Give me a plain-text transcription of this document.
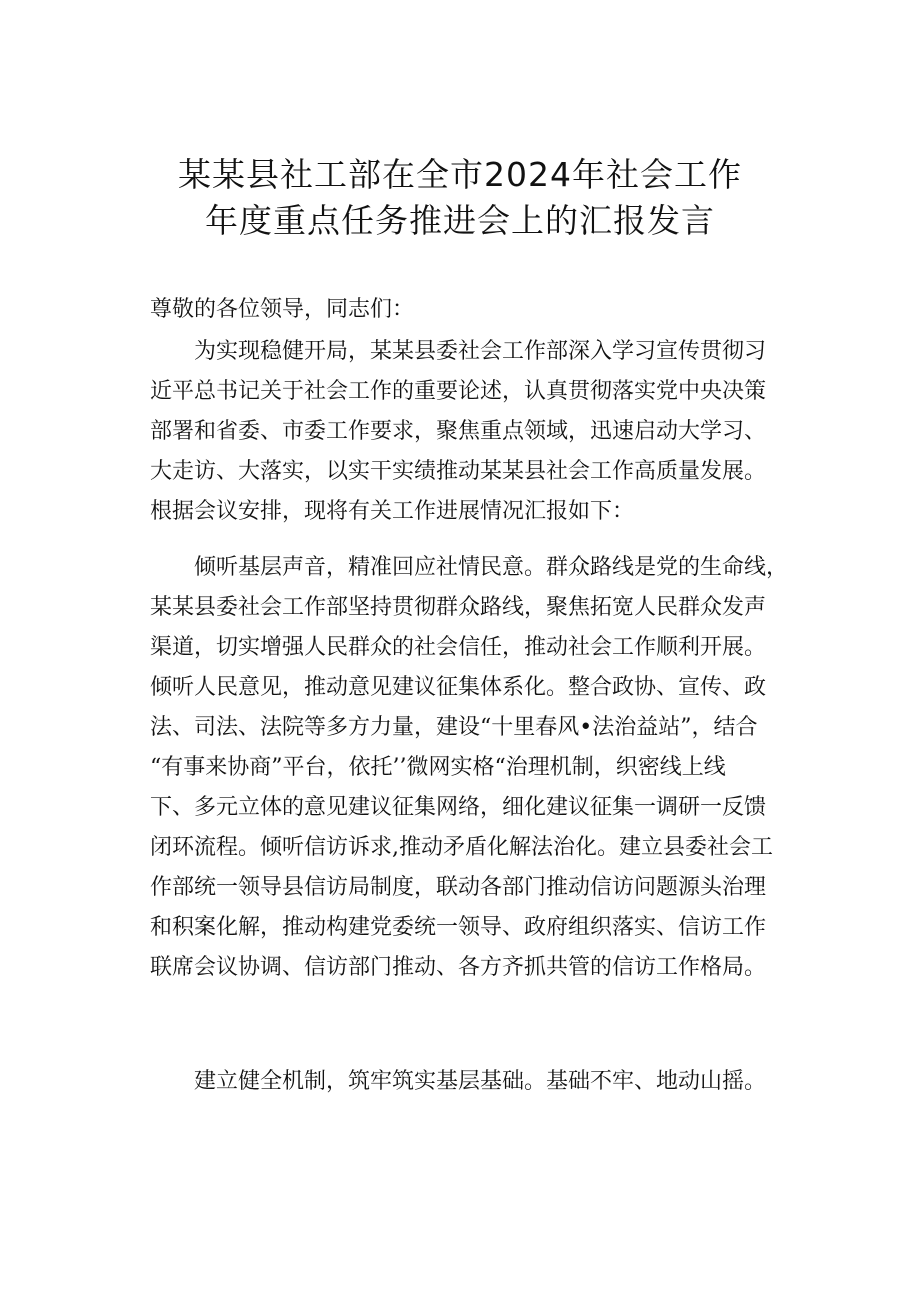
某某县社工部在全市2024年社会工作
年度重点任务推进会上的汇报发言
尊敬的各位领导，同志们：
为实现稳健开局，某某县委社会工作部深入学习宣传贯彻习
近平总书记关于社会工作的重要论述，认真贯彻落实党中央决策
部署和省委、市委工作要求，聚焦重点领域，迅速启动大学习、
大走访、大落实，以实干实绩推动某某县社会工作高质量发展。
根据会议安排，现将有关工作进展情况汇报如下：
倾听基层声音，精准回应社情民意。群众路线是党的生命线，
某某县委社会工作部坚持贯彻群众路线，聚焦拓宽人民群众发声
渠道，切实增强人民群众的社会信任，推动社会工作顺利开展。
倾听人民意见，推动意见建议征集体系化。整合政协、宣传、政
法、司法、法院等多方力量，建设“十里春风•法治益站”，结合
“有事来协商”平台，依托’’微网实格“治理机制，织密线上线
下、多元立体的意见建议征集网络，细化建议征集一调研一反馈
闭环流程。倾听信访诉求,推动矛盾化解法治化。建立县委社会工
作部统一领导县信访局制度，联动各部门推动信访问题源头治理
和积案化解，推动构建党委统一领导、政府组织落实、信访工作
联席会议协调、信访部门推动、各方齐抓共管的信访工作格局。
建立健全机制，筑牢筑实基层基础。基础不牢、地动山摇。
